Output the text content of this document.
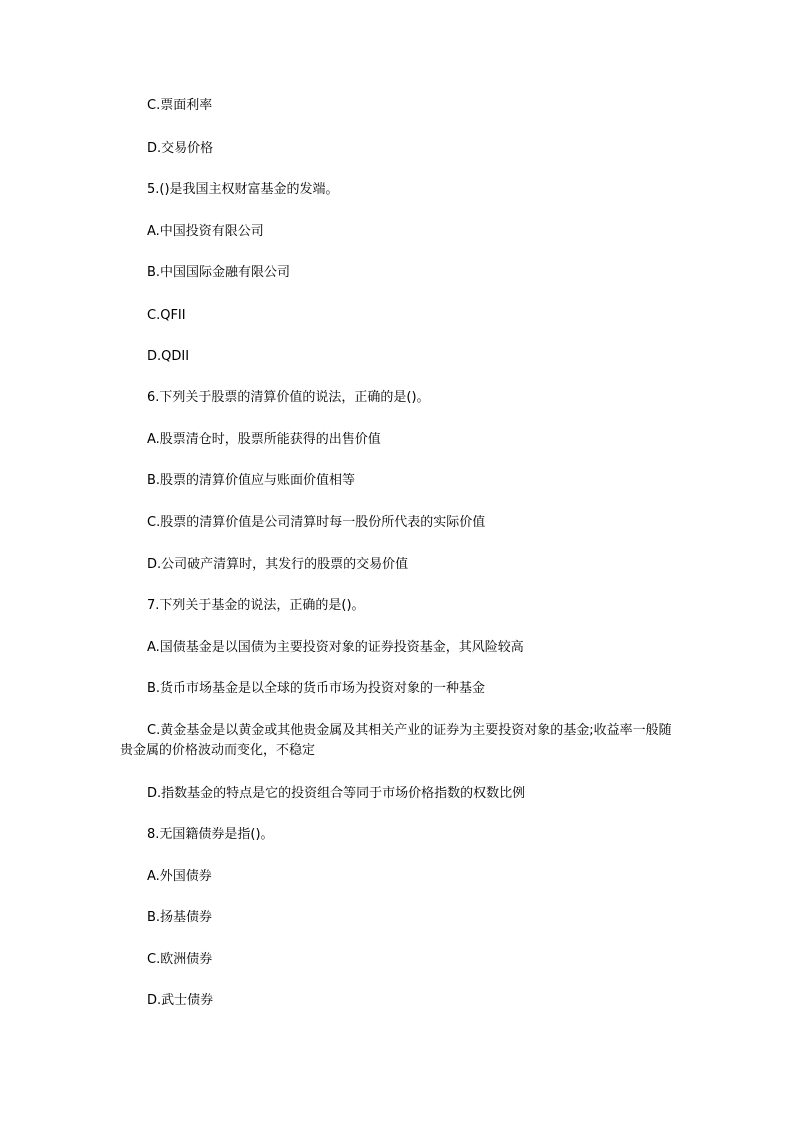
C.票面利率
D.交易价格
5.()是我国主权财富基金的发端。
A.中国投资有限公司
B.中国国际金融有限公司
C.QFII
D.QDII
6.下列关于股票的清算价值的说法，正确的是()。
A.股票清仓时，股票所能获得的出售价值
B.股票的清算价值应与账面价值相等
C.股票的清算价值是公司清算时每一股份所代表的实际价值
D.公司破产清算时，其发行的股票的交易价值
7.下列关于基金的说法，正确的是()。
A.国债基金是以国债为主要投资对象的证券投资基金，其风险较高
B.货币市场基金是以全球的货币市场为投资对象的一种基金
C.黄金基金是以黄金或其他贵金属及其相关产业的证券为主要投资对象的基金;收益率一般随贵金属的价格波动而变化，不稳定
D.指数基金的特点是它的投资组合等同于市场价格指数的权数比例
8.无国籍债券是指()。
A.外国债券
B.扬基债券
C.欧洲债券
D.武士债券
